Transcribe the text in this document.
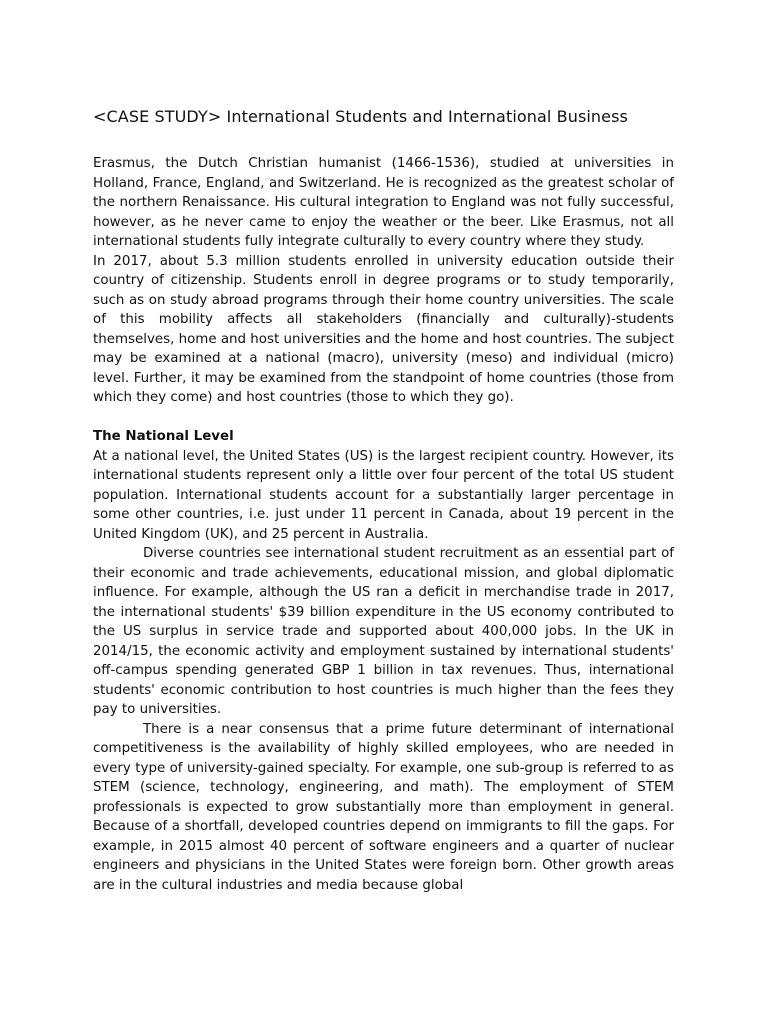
<CASE STUDY> International Students and International Business

Erasmus, the Dutch Christian humanist (1466-1536), studied at universities in Holland, France, England, and Switzerland. He is recognized as the greatest scholar of the northern Renaissance. His cultural integration to England was not fully successful, however, as he never came to enjoy the weather or the beer. Like Erasmus, not all international students fully integrate culturally to every country where they study.

In 2017, about 5.3 million students enrolled in university education outside their country of citizenship. Students enroll in degree programs or to study temporarily, such as on study abroad programs through their home country universities. The scale of this mobility affects all stakeholders (financially and culturally)-students themselves, home and host universities and the home and host countries. The subject may be examined at a national (macro), university (meso) and individual (micro) level. Further, it may be examined from the standpoint of home countries (those from which they come) and host countries (those to which they go).

The National Level

At a national level, the United States (US) is the largest recipient country. However, its international students represent only a little over four percent of the total US student population. International students account for a substantially larger percentage in some other countries, i.e. just under 11 percent in Canada, about 19 percent in the United Kingdom (UK), and 25 percent in Australia.

Diverse countries see international student recruitment as an essential part of their economic and trade achievements, educational mission, and global diplomatic influence. For example, although the US ran a deficit in merchandise trade in 2017, the international students' $39 billion expenditure in the US economy contributed to the US surplus in service trade and supported about 400,000 jobs. In the UK in 2014/15, the economic activity and employment sustained by international students' off-campus spending generated GBP 1 billion in tax revenues. Thus, international students' economic contribution to host countries is much higher than the fees they pay to universities.

There is a near consensus that a prime future determinant of international competitiveness is the availability of highly skilled employees, who are needed in every type of university-gained specialty. For example, one sub-group is referred to as STEM (science, technology, engineering, and math). The employment of STEM professionals is expected to grow substantially more than employment in general. Because of a shortfall, developed countries depend on immigrants to fill the gaps. For example, in 2015 almost 40 percent of software engineers and a quarter of nuclear engineers and physicians in the United States were foreign born. Other growth areas are in the cultural industries and media because global
